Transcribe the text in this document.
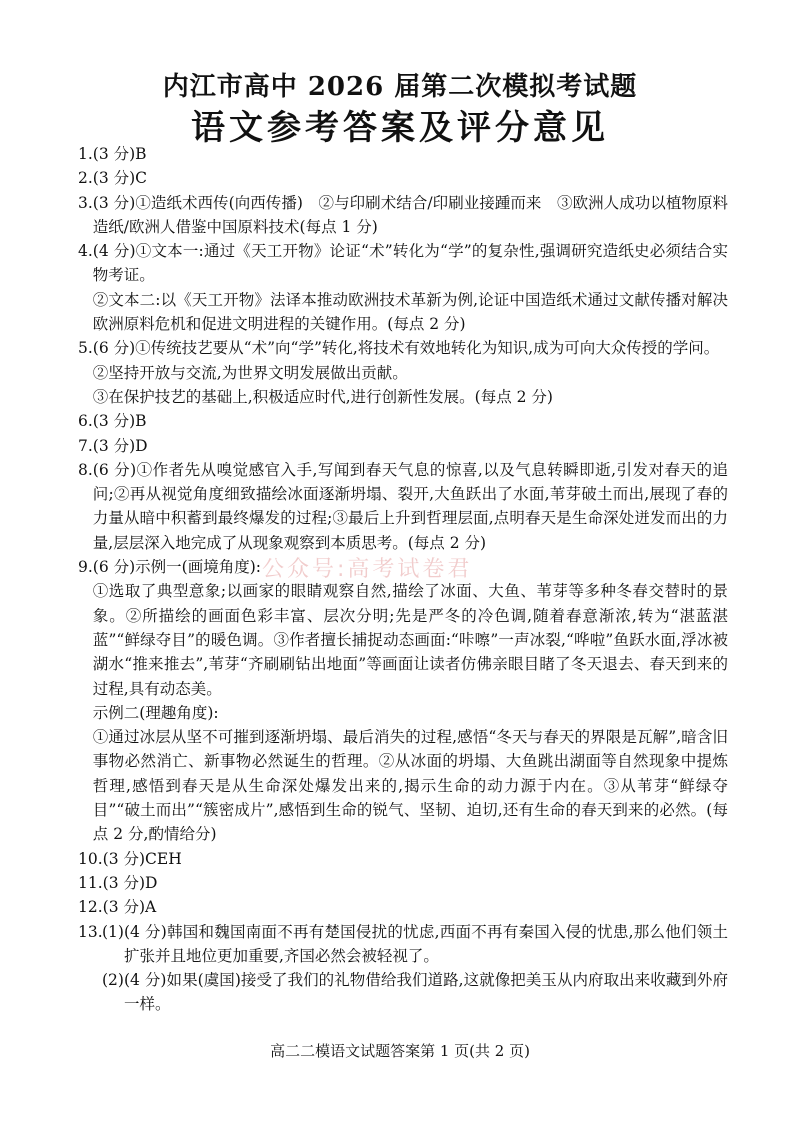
内江市高中 2026 届第二次模拟考试题
语文参考答案及评分意见
1. (3 分)B
2. (3 分)C
3. (3 分)①造纸术西传(向西传播)　②与印刷术结合/印刷业接踵而来　③欧洲人成功以植物原料造纸/欧洲人借鉴中国原料技术(每点 1 分)
4. (4 分)①文本一:通过《天工开物》论证“术”转化为“学”的复杂性,强调研究造纸史必须结合实物考证。
②文本二:以《天工开物》法译本推动欧洲技术革新为例,论证中国造纸术通过文献传播对解决欧洲原料危机和促进文明进程的关键作用。(每点 2 分)
5. (6 分)①传统技艺要从“术”向“学”转化,将技术有效地转化为知识,成为可向大众传授的学问。
②坚持开放与交流,为世界文明发展做出贡献。
③在保护技艺的基础上,积极适应时代,进行创新性发展。(每点 2 分)
6. (3 分)B
7. (3 分)D
8. (6 分)①作者先从嗅觉感官入手,写闻到春天气息的惊喜,以及气息转瞬即逝,引发对春天的追问;②再从视觉角度细致描绘冰面逐渐坍塌、裂开,大鱼跃出了水面,苇芽破土而出,展现了春的力量从暗中积蓄到最终爆发的过程;③最后上升到哲理层面,点明春天是生命深处迸发而出的力量,层层深入地完成了从现象观察到本质思考。(每点 2 分)
9. (6 分)示例一(画境角度):
①选取了典型意象;以画家的眼睛观察自然,描绘了冰面、大鱼、苇芽等多种冬春交替时的景象。②所描绘的画面色彩丰富、层次分明;先是严冬的冷色调,随着春意渐浓,转为“湛蓝湛蓝”“鲜绿夺目”的暖色调。③作者擅长捕捉动态画面:“咔嚓”一声冰裂,“哗啦”鱼跃水面,浮冰被湖水“推来推去”,苇芽“齐刷刷钻出地面”等画面让读者仿佛亲眼目睹了冬天退去、春天到来的过程,具有动态美。
示例二(理趣角度):
①通过冰层从坚不可摧到逐渐坍塌、最后消失的过程,感悟“冬天与春天的界限是瓦解”,暗含旧事物必然消亡、新事物必然诞生的哲理。②从冰面的坍塌、大鱼跳出湖面等自然现象中提炼哲理,感悟到春天是从生命深处爆发出来的,揭示生命的动力源于内在。③从苇芽“鲜绿夺目”“破土而出”“簇密成片”,感悟到生命的锐气、坚韧、迫切,还有生命的春天到来的必然。(每点 2 分,酌情给分)
10. (3 分)CEH
11. (3 分)D
12. (3 分)A
13. (1) (4 分)韩国和魏国南面不再有楚国侵扰的忧虑,西面不再有秦国入侵的忧患,那么他们领土扩张并且地位更加重要,齐国必然会被轻视了。
(2) (4 分)如果(虞国)接受了我们的礼物借给我们道路,这就像把美玉从内府取出来收藏到外府一样。
公众号:高考试卷君
高二二模语文试题答案第 1 页(共 2 页)
